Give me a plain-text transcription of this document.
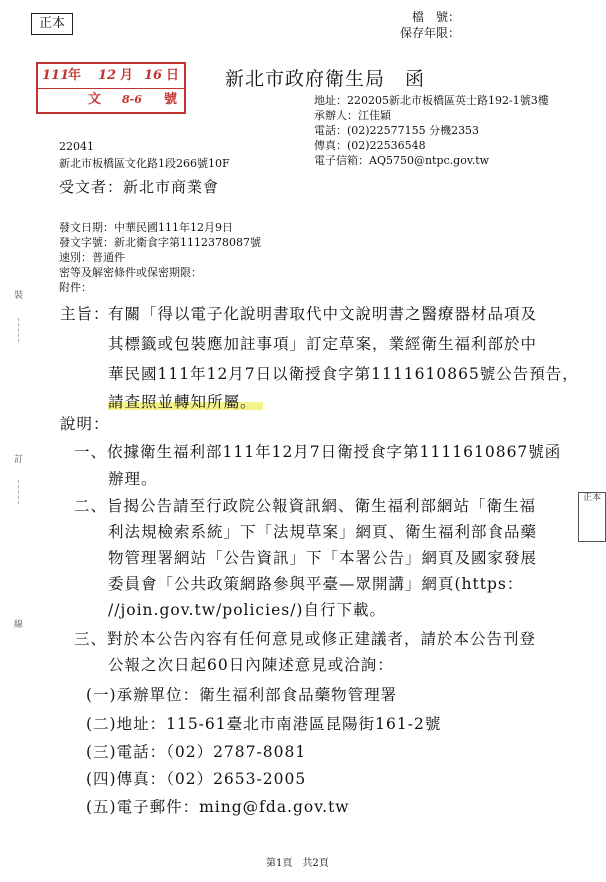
正本	檔　號：
保存年限：
111
年 12 月 16 日
文 8-6 號
新北市政府衛生局　函
地址：220205新北市板橋區英士路192-1號3樓
承辦人：江佳穎
電話：(02)22577155 分機2353
傳真：(02)22536548
電子信箱：AQ5750@ntpc.gov.tw
22041
新北市板橋區文化路1段266號10F
受文者：新北市商業會
發文日期：中華民國111年12月9日
發文字號：新北衛食字第1112378087號
速別：普通件
密等及解密條件或保密期限：
附件：
裝
訂
線
主旨：
有關「得以電子化說明書取代中文說明書之醫療器材品項及
其標籤或包裝應加註事項」訂定草案，業經衛生福利部於中
華民國111年12月7日以衛授食字第1111610865號公告預告，
請查照並轉知所屬。
說明：
一、依據衛生福利部111年12月7日衛授食字第1111610867號函
辦理。
二、旨揭公告請至行政院公報資訊網、衛生福利部網站「衛生福
利法規檢索系統」下「法規草案」網頁、衛生福利部食品藥
物管理署網站「公告資訊」下「本署公告」網頁及國家發展
委員會「公共政策網路參與平臺—眾開講」網頁(https：
//join.gov.tw/policies/)自行下載。
三、對於本公告內容有任何意見或修正建議者，請於本公告刊登
公報之次日起60日內陳述意見或洽詢：
(一)承辦單位：衛生福利部食品藥物管理署
(二)地址：115-61臺北市南港區昆陽街161-2號
(三)電話：（02）2787-8081
(四)傳真：（02）2653-2005
(五)電子郵件：ming@fda.gov.tw
正本
第1頁　共2頁
